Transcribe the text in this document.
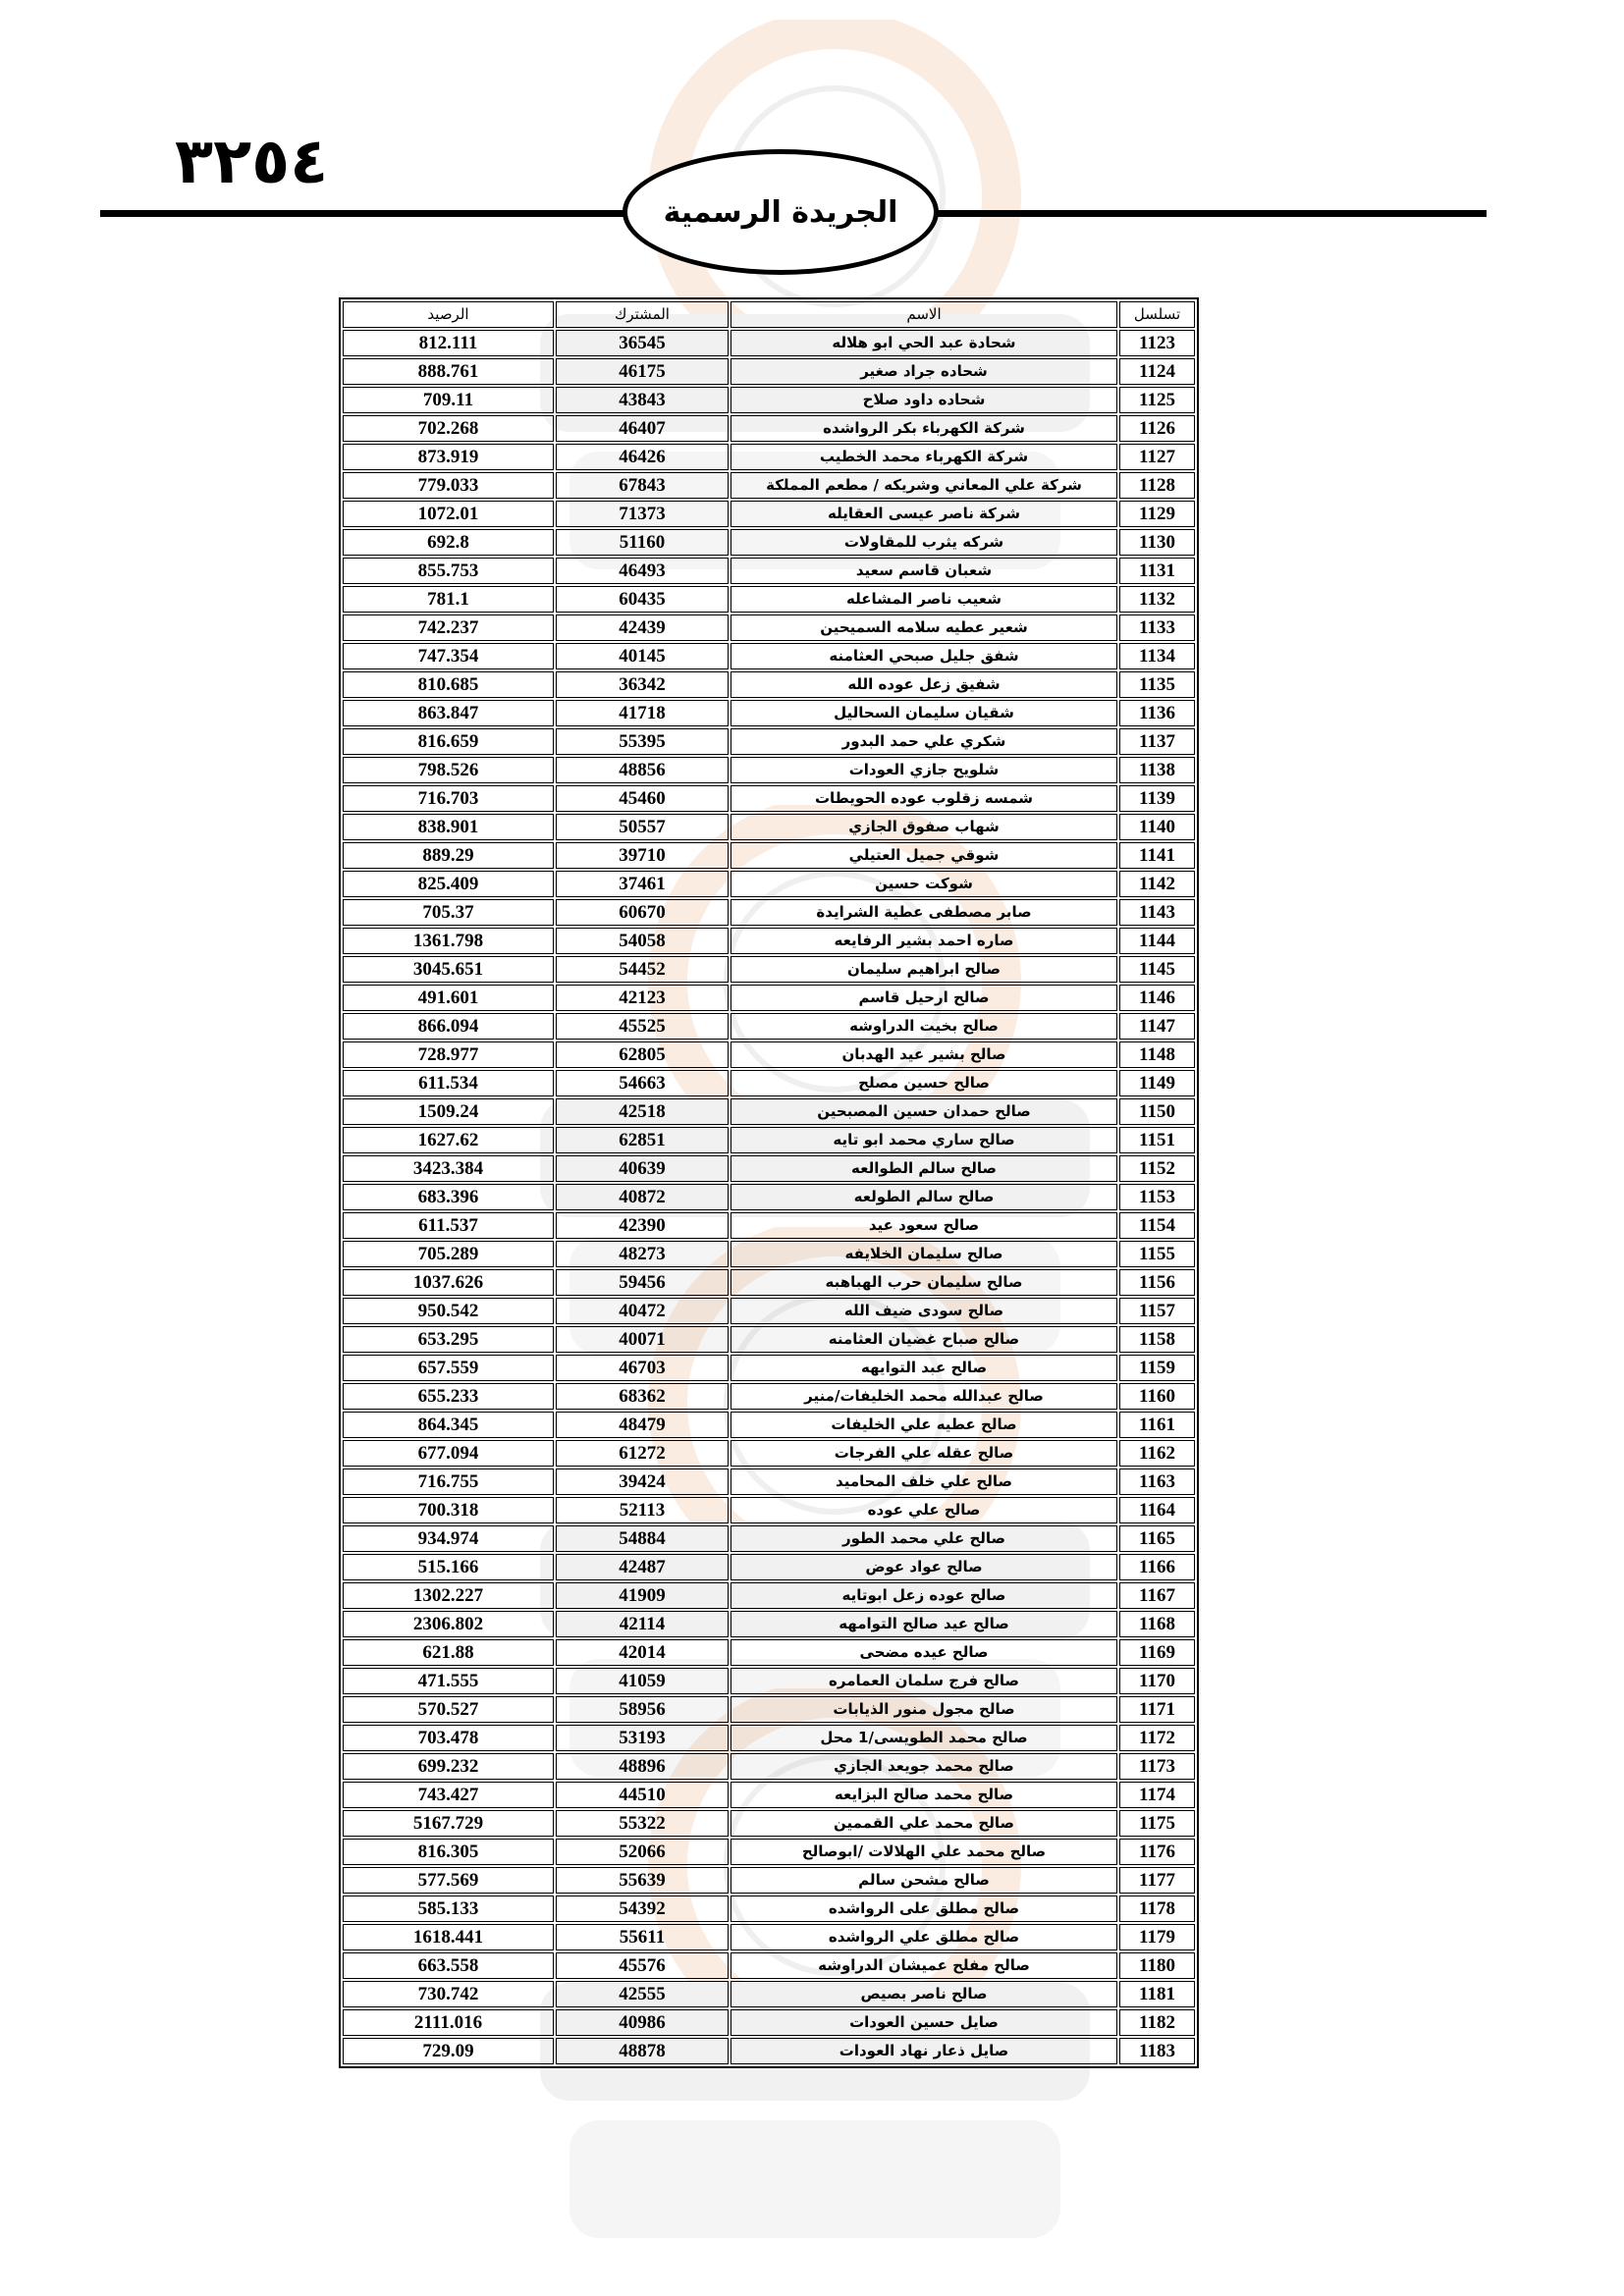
٣٢٥٤
الجريدة الرسمية
تسلسل	الاسم	المشترك	الرصيد
1123	شحادة عبد الحي ابو هلاله	36545	812.111
1124	شحاده جراد صغير	46175	888.761
1125	شحاده داود صلاح	43843	709.11
1126	شركة الكهرباء بكر الرواشده	46407	702.268
1127	شركة الكهرباء محمد الخطيب	46426	873.919
1128	شركة علي المعاني وشريكه / مطعم المملكة	67843	779.033
1129	شركة ناصر عيسى العقايله	71373	1072.01
1130	شركه يثرب للمقاولات	51160	692.8
1131	شعبان قاسم سعيد	46493	855.753
1132	شعيب ناصر المشاعله	60435	781.1
1133	شعير عطيه سلامه السميحين	42439	742.237
1134	شفق جليل صبحي العثامنه	40145	747.354
1135	شفيق زعل عوده الله	36342	810.685
1136	شقيان سليمان السحاليل	41718	863.847
1137	شكري علي حمد البدور	55395	816.659
1138	شلويح جازي العودات	48856	798.526
1139	شمسه زقلوب عوده الحويطات	45460	716.703
1140	شهاب صفوق الجازي	50557	838.901
1141	شوقي جميل العتيلي	39710	889.29
1142	شوكت حسين	37461	825.409
1143	صابر مصطفى عطية الشرايدة	60670	705.37
1144	صاره احمد بشير الرفايعه	54058	1361.798
1145	صالح ابراهيم سليمان	54452	3045.651
1146	صالح ارحيل قاسم	42123	491.601
1147	صالح بخيت الدراوشه	45525	866.094
1148	صالح بشير عيد الهدبان	62805	728.977
1149	صالح حسين مصلح	54663	611.534
1150	صالح حمدان حسين المصبحين	42518	1509.24
1151	صالح ساري محمد ابو تايه	62851	1627.62
1152	صالح سالم الطوالعه	40639	3423.384
1153	صالح سالم الطولعه	40872	683.396
1154	صالح سعود عيد	42390	611.537
1155	صالح سليمان الخلايفه	48273	705.289
1156	صالح سليمان حرب الهباهبه	59456	1037.626
1157	صالح سودى ضيف الله	40472	950.542
1158	صالح صباح غضيان العثامنه	40071	653.295
1159	صالح عبد التوايهه	46703	657.559
1160	صالح عبدالله محمد الخليفات/منير	68362	655.233
1161	صالح عطيه علي الخليفات	48479	864.345
1162	صالح عقله علي الفرجات	61272	677.094
1163	صالح علي خلف المحاميد	39424	716.755
1164	صالح علي عوده	52113	700.318
1165	صالح علي محمد الطور	54884	934.974
1166	صالح عواد عوض	42487	515.166
1167	صالح عوده زعل ابوتايه	41909	1302.227
1168	صالح عيد صالح التوامهه	42114	2306.802
1169	صالح عيده مضحى	42014	621.88
1170	صالح فرج سلمان العمامره	41059	471.555
1171	صالح مجول منور الذيابات	58956	570.527
1172	صالح محمد الطويسى/1 محل	53193	703.478
1173	صالح محمد جويعد الجازي	48896	699.232
1174	صالح محمد صالح البزايعه	44510	743.427
1175	صالح محمد علي القممين	55322	5167.729
1176	صالح محمد علي الهلالات /ابوصالح	52066	816.305
1177	صالح مشحن سالم	55639	577.569
1178	صالح مطلق على الرواشده	54392	585.133
1179	صالح مطلق علي الرواشده	55611	1618.441
1180	صالح مفلح عميشان الدراوشه	45576	663.558
1181	صالح ناصر بصيص	42555	730.742
1182	صايل حسين العودات	40986	2111.016
1183	صايل ذعار نهاد العودات	48878	729.09
